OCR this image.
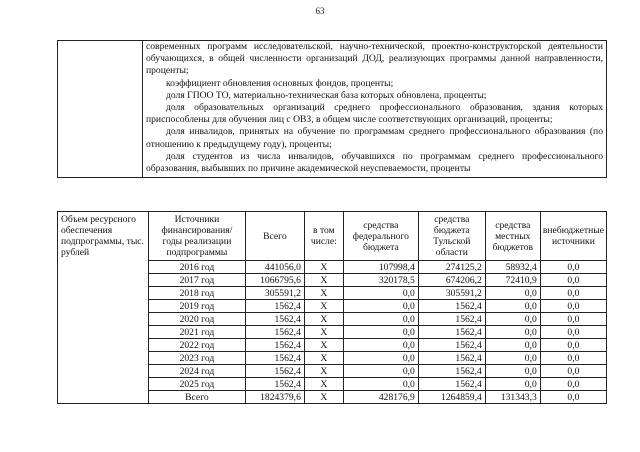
63

современных программ исследовательской, научно-технической, проектно-конструкторской деятельности обучающихся, в общей численности организаций ДОД, реализующих программы данной направленности, проценты;

коэффициент обновления основных фондов, проценты;

доля ГПОО ТО, материально-техническая база которых обновлена, проценты;

доля образовательных организаций среднего профессионального образования, здания которых приспособлены для обучения лиц с ОВЗ, в общем числе соответствующих организаций, проценты;

доля инвалидов, принятых на обучение по программам среднего профессионального образования (по отношению к предыдущему году), проценты;

доля студентов из числа инвалидов, обучавшихся по программам среднего профессионального образования, выбывших по причине академической неуспеваемости, проценты

Объем ресурсного обеспечения подпрограммы, тыс. рублей	Источники финансирования/ годы реализации подпрограммы	Всего	в том числе:	средства федерального бюджета	средства бюджета Тульской области	средства местных бюджетов	внебюджетные источники
	2016 год	441056,0	Х	107998,4	274125,2	58932,4	0,0
	2017 год	1066795,6	Х	320178,5	674206,2	72410,9	0,0
	2018 год	305591,2	Х	0,0	305591,2	0,0	0,0
	2019 год	1562,4	Х	0,0	1562,4	0,0	0,0
	2020 год	1562,4	Х	0,0	1562,4	0,0	0,0
	2021 год	1562,4	Х	0,0	1562,4	0,0	0,0
	2022 год	1562,4	Х	0,0	1562,4	0,0	0,0
	2023 год	1562,4	Х	0,0	1562,4	0,0	0,0
	2024 год	1562,4	Х	0,0	1562,4	0,0	0,0
	2025 год	1562,4	Х	0,0	1562,4	0,0	0,0
	Всего	1824379,6	Х	428176,9	1264859,4	131343,3	0,0
